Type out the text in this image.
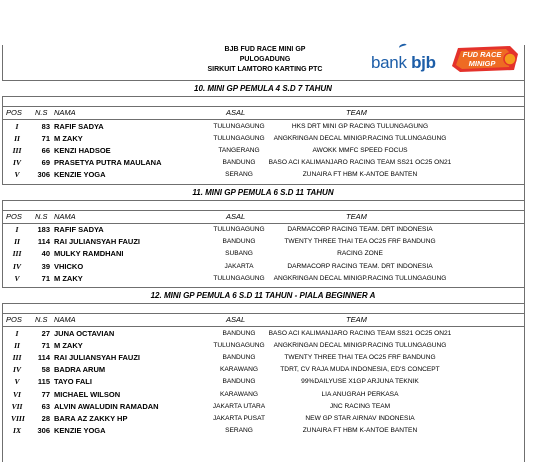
BJB FUD RACE MINI GP
PULOGADUNG
SIRKUIT LAMTORO KARTING PTC	bank bjb	FUD RACE
MINIGP
10. MINI GP PEMULA 4 S.D 7 TAHUN
POS N.S NAMA	ASAL	TEAM
I	83 RAFIF SADYA	TULUNGAGUNG	HKS DRT MINI GP RACING TULUNGAGUNG
II	71 M ZAKY	TULUNGAGUNG	ANGKRINGAN DECAL MINIGP.RACING TULUNGAGUNG
III	66 KENZI HADSOE	TANGERANG	AWOKK MMFC SPEED FOCUS
IV	69 PRASETYA PUTRA MAULANA	BANDUNG	BASO ACI KALIMANJARO RACING TEAM SS21 OC25 ON21
V	306 KENZIE YOGA	SERANG	ZUNAIRA FT HBM K-ANTOE BANTEN
11. MINI GP PEMULA 6 S.D 11 TAHUN
POS N.S NAMA	ASAL	TEAM
I	183 RAFIF SADYA	TULUNGAGUNG	DARMACORP RACING TEAM. DRT INDONESIA
II	114 RAI JULIANSYAH FAUZI	BANDUNG	TWENTY THREE THAI TEA OC25 FRF BANDUNG
III	40 MULKY RAMDHANI	SUBANG	RACING ZONE
IV	39 VHICKO	JAKARTA	DARMACORP RACING TEAM. DRT INDONESIA
V	71 M ZAKY	TULUNGAGUNG	ANGKRINGAN DECAL MINIGP.RACING TULUNGAGUNG
12. MINI GP PEMULA 6 S.D 11 TAHUN - PIALA BEGINNER A
POS N.S NAMA	ASAL	TEAM
I	27 JUNA OCTAVIAN	BANDUNG	BASO ACI KALIMANJARO RACING TEAM SS21 OC25 ON21
II	71 M ZAKY	TULUNGAGUNG	ANGKRINGAN DECAL MINIGP.RACING TULUNGAGUNG
III	114 RAI JULIANSYAH FAUZI	BANDUNG	TWENTY THREE THAI TEA OC25 FRF BANDUNG
IV	58 BADRA ARUM	KARAWANG	TDRT, CV RAJA MUDA INDONESIA, ED'S CONCEPT
V	115 TAYO FALI	BANDUNG	99%DAILYUSE X1GP ARJUNA TEKNIK
VI	77 MICHAEL WILSON	KARAWANG	LIA ANUGRAH PERKASA
VII	63 ALVIN AWALUDIN RAMADAN	JAKARTA UTARA	JNC RACING TEAM
VIII	28 BARA AZ ZAKKY HP	JAKARTA PUSAT	NEW GP STAR AIRNAV INDONESIA
IX	306 KENZIE YOGA	SERANG	ZUNAIRA FT HBM K-ANTOE BANTEN
